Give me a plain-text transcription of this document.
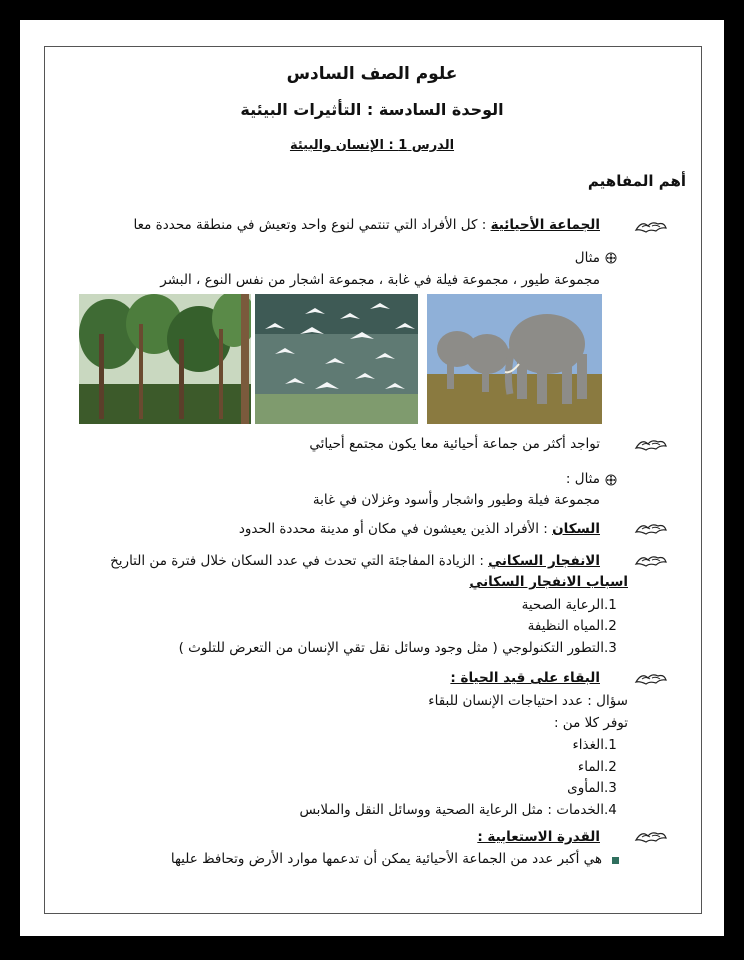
علوم الصف السادس
الوحدة السادسة : التأثيرات البيئية
الدرس 1 : الإنسان والبيئة
أهم المفاهيم
الجماعة الأحيائية : كل الأفراد التي تنتمي لنوع واحد وتعيش في منطقة محددة معا
مثال
مجموعة طيور ، مجموعة فيلة في غابة ، مجموعة اشجار من نفس النوع ، البشر
تواجد أكثر من جماعة أحيائية معا يكون مجتمع أحيائي
مثال :
مجموعة فيلة وطيور واشجار وأسود وغزلان في غابة
السكان : الأفراد الذين يعيشون في مكان أو مدينة محددة الحدود
الانفجار السكاني : الزيادة المفاجئة التي تحدث في عدد السكان خلال فترة من التاريخ
اسباب الانفجار السكاني
1.الرعاية الصحية
2.المياه النظيفة
3.التطور التكنولوجي ( مثل وجود وسائل نقل تقي الإنسان من التعرض للتلوث )
البقاء على قيد الحياة :
سؤال : عدد احتياجات الإنسان للبقاء
توفر كلا من :
1.الغذاء
2.الماء
3.المأوى
4.الخدمات : مثل الرعاية الصحية ووسائل النقل والملابس
القدرة الاستعابية :
هي أكبر عدد من الجماعة الأحيائية يمكن أن تدعمها موارد الأرض وتحافظ عليها
